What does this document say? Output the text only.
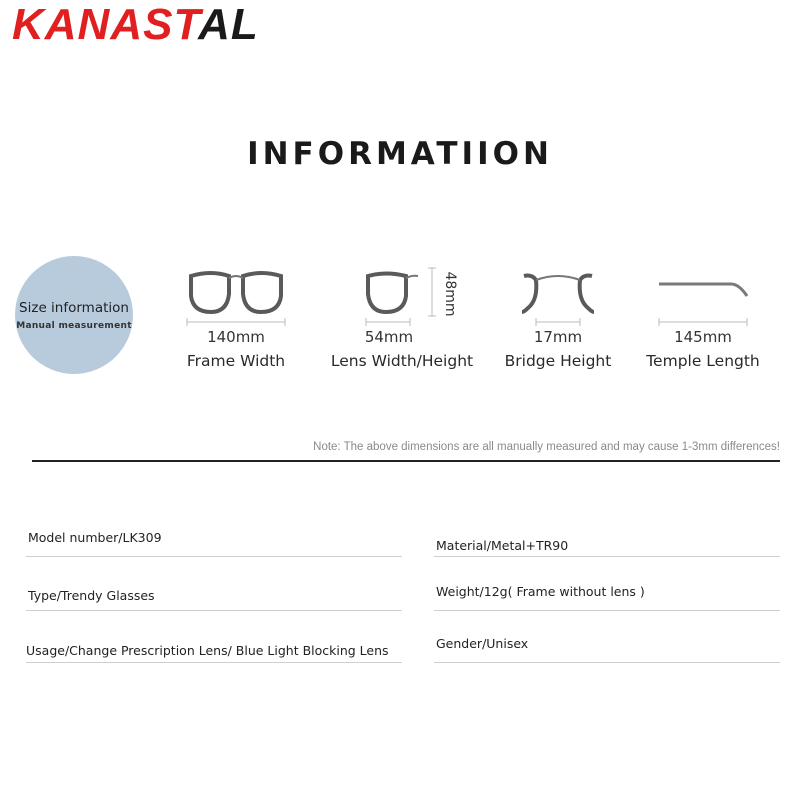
KANASTAL
INFORMATIION
Size information
Manual measurement
140mm
Frame Width
48mm
54mm
Lens Width/Height
17mm
Bridge Height
145mm
Temple Length
Note: The above dimensions are all manually measured and may cause 1-3mm differences!
Model number/LK309
Type/Trendy Glasses
Usage/Change Prescription Lens/ Blue Light Blocking Lens
Material/Metal+TR90
Weight/12g( Frame without lens )
Gender/Unisex
